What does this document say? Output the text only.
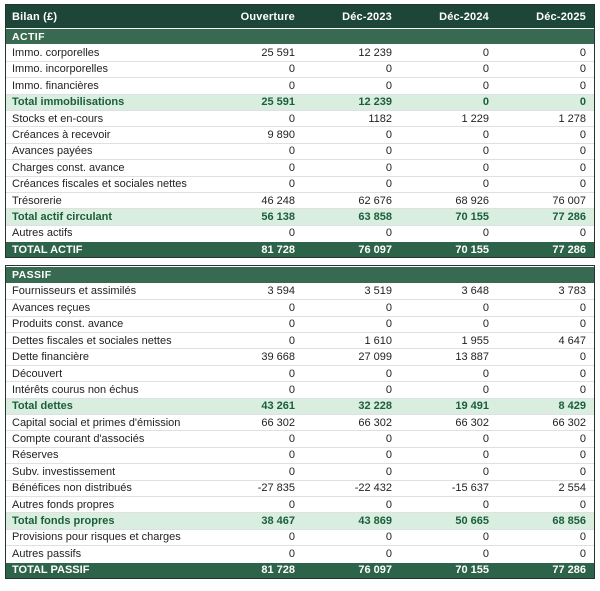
Bilan (£)	Ouverture	Déc-2023	Déc-2024	Déc-2025
ACTIF
Immo. corporelles	25 591	12 239	0	0
Immo. incorporelles	0	0	0	0
Immo. financières	0	0	0	0
Total immobilisations	25 591	12 239	0	0
Stocks et en-cours	0	1182	1 229	1 278
Créances à recevoir	9 890	0	0	0
Avances payées	0	0	0	0
Charges const. avance	0	0	0	0
Créances fiscales et sociales nettes	0	0	0	0
Trésorerie	46 248	62 676	68 926	76 007
Total actif circulant	56 138	63 858	70 155	77 286
Autres actifs	0	0	0	0
TOTAL ACTIF	81 728	76 097	70 155	77 286
PASSIF
Fournisseurs et assimilés	3 594	3 519	3 648	3 783
Avances reçues	0	0	0	0
Produits const. avance	0	0	0	0
Dettes fiscales et sociales nettes	0	1 610	1 955	4 647
Dette financière	39 668	27 099	13 887	0
Découvert	0	0	0	0
Intérêts courus non échus	0	0	0	0
Total dettes	43 261	32 228	19 491	8 429
Capital social et primes d'émission	66 302	66 302	66 302	66 302
Compte courant d'associés	0	0	0	0
Réserves	0	0	0	0
Subv. investissement	0	0	0	0
Bénéfices non distribués	-27 835	-22 432	-15 637	2 554
Autres fonds propres	0	0	0	0
Total fonds propres	38 467	43 869	50 665	68 856
Provisions pour risques et charges	0	0	0	0
Autres passifs	0	0	0	0
TOTAL PASSIF	81 728	76 097	70 155	77 286
